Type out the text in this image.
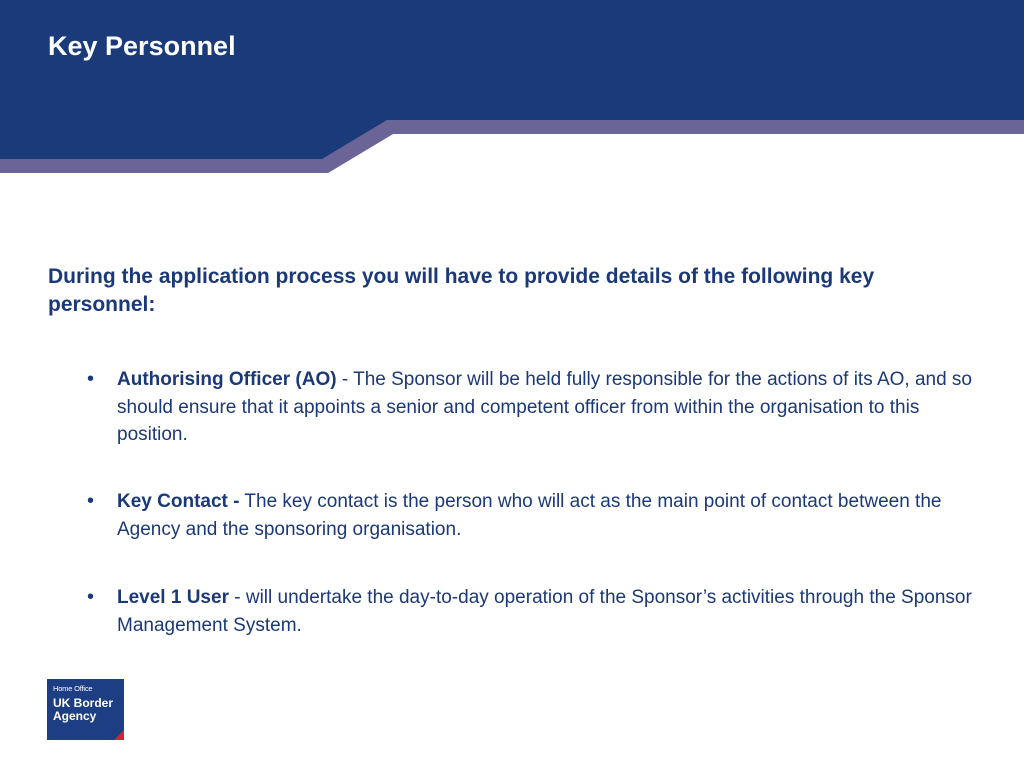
Key Personnel

During the application process you will have to provide details of the following key personnel:

• Authorising Officer (AO) - The Sponsor will be held fully responsible for the actions of its AO, and so should ensure that it appoints a senior and competent officer from within the organisation to this position.
• Key Contact - The key contact is the person who will act as the main point of contact between the Agency and the sponsoring organisation.
• Level 1 User - will undertake the day-to-day operation of the Sponsor’s activities through the Sponsor Management System.
Home Office
UK Border
Agency
